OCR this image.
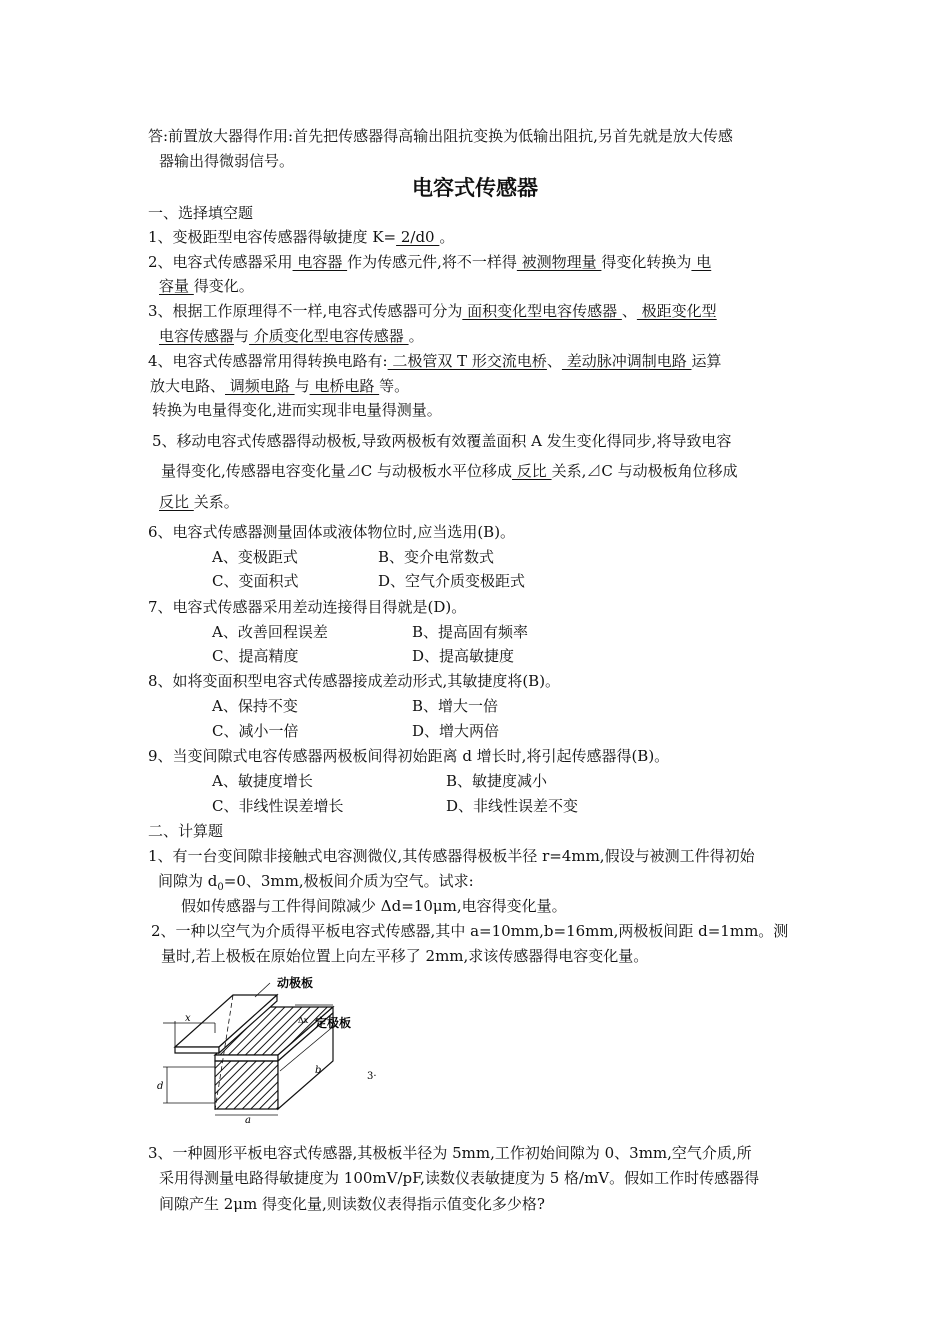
答:前置放大器得作用:首先把传感器得高输出阻抗变换为低输出阻抗,另首先就是放大传感
器输出得微弱信号。
电容式传感器
一、选择填空题
1、变极距型电容传感器得敏捷度 K= 2/d0 。
2、电容式传感器采用 电容器 作为传感元件,将不一样得 被测物理量 得变化转换为 电
容量 得变化。
3、根据工作原理得不一样,电容式传感器可分为 面积变化型电容传感器 、 极距变化型
电容传感器与 介质变化型电容传感器 。
4、电容式传感器常用得转换电路有: 二极管双 T 形交流电桥、 差动脉冲调制电路 运算
放大电路、 调频电路 与 电桥电路 等。
转换为电量得变化,进而实现非电量得测量。
5、移动电容式传感器得动极板,导致两极板有效覆盖面积 A 发生变化得同步,将导致电容
量得变化,传感器电容变化量⊿C 与动极板水平位移成 反比 关系,⊿C 与动极板角位移成
反比 关系。
6、电容式传感器测量固体或液体物位时,应当选用(B)。
A、变极距式	B、变介电常数式
C、变面积式	D、空气介质变极距式
7、电容式传感器采用差动连接得目得就是(D)。
A、改善回程误差	B、提高固有频率
C、提高精度	D、提高敏捷度
8、如将变面积型电容式传感器接成差动形式,其敏捷度将(B)。
A、保持不变	B、增大一倍
C、减小一倍	D、增大两倍
9、当变间隙式电容传感器两极板间得初始距离 d 增长时,将引起传感器得(B)。
A、敏捷度增长	B、敏捷度减小
C、非线性误差增长	D、非线性误差不变
二、计算题
1、有一台变间隙非接触式电容测微仪,其传感器得极板半径 r=4mm,假设与被测工件得初始
间隙为 $d_0=0$、3mm,极板间介质为空气。试求:
假如传感器与工件得间隙减少 Δd=10μm,电容得变化量。
2、一种以空气为介质得平板电容式传感器,其中 a=10mm,b=16mm,两极板间距 d=1mm。测
量时,若上极板在原始位置上向左平移了 2mm,求该传感器得电容变化量。
动极板
定极板
x	Δx
d
a
b
3·
3、一种圆形平板电容式传感器,其极板半径为 5mm,工作初始间隙为 0、3mm,空气介质,所
采用得测量电路得敏捷度为 100mV/pF,读数仪表敏捷度为 5 格/mV。假如工作时传感器得
间隙产生 2μm 得变化量,则读数仪表得指示值变化多少格?
